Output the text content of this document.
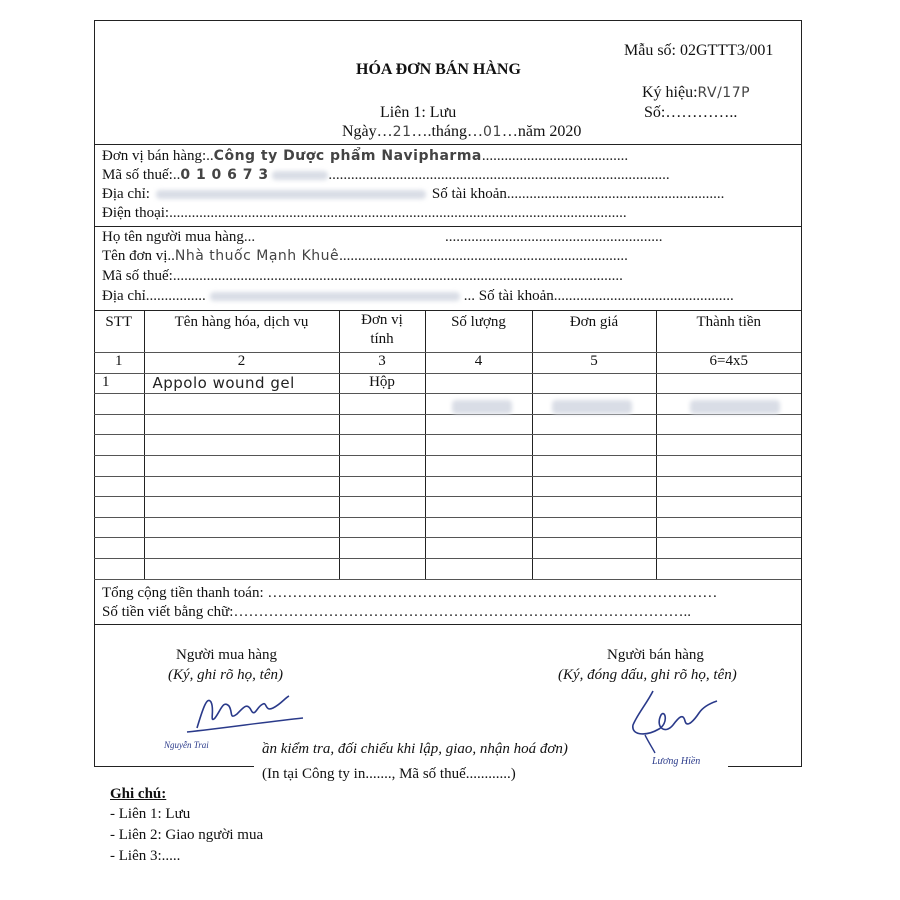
Mẫu số: 02GTTT3/001
HÓA ĐƠN BÁN HÀNG
Ký hiệu:RV/17P
Số:…………..
Liên 1: Lưu
Ngày…21….tháng…01…năm 2020
Đơn vị bán hàng:..Công ty Dược phẩm Navipharma.......................................
Mã số thuế:..0 1 0 6 7 3	...........................................................................................
Địa chỉ:	Số tài khoản..........................................................
Điện thoại:..........................................................................................................................
Họ tên người mua hàng...	..........................................................
Tên đơn vị..Nhà thuốc Mạnh Khuê.............................................................................
Mã số thuế:........................................................................................................................
Địa chỉ................	... Số tài khoản................................................
STT	Tên hàng hóa, dịch vụ	Đơn vị tính	Số lượng	Đơn giá	Thành tiền
1	2	3	4	5	6=4x5
1	Appolo wound gel	Hộp			

Tổng cộng tiền thanh toán: ………………………………………………………………………………
Số tiền viết bằng chữ:………………………………………………………………………………..
Người mua hàng
(Ký, ghi rõ họ, tên)
Người bán hàng
(Ký, đóng dấu, ghi rõ họ, tên)
Nguyễn Trai
Lương Hiền
ần kiểm tra, đối chiếu khi lập, giao, nhận hoá đơn)
(In tại Công ty in......., Mã số thuế............)
Ghi chú:
- Liên 1: Lưu
- Liên 2: Giao người mua
- Liên 3:.....
